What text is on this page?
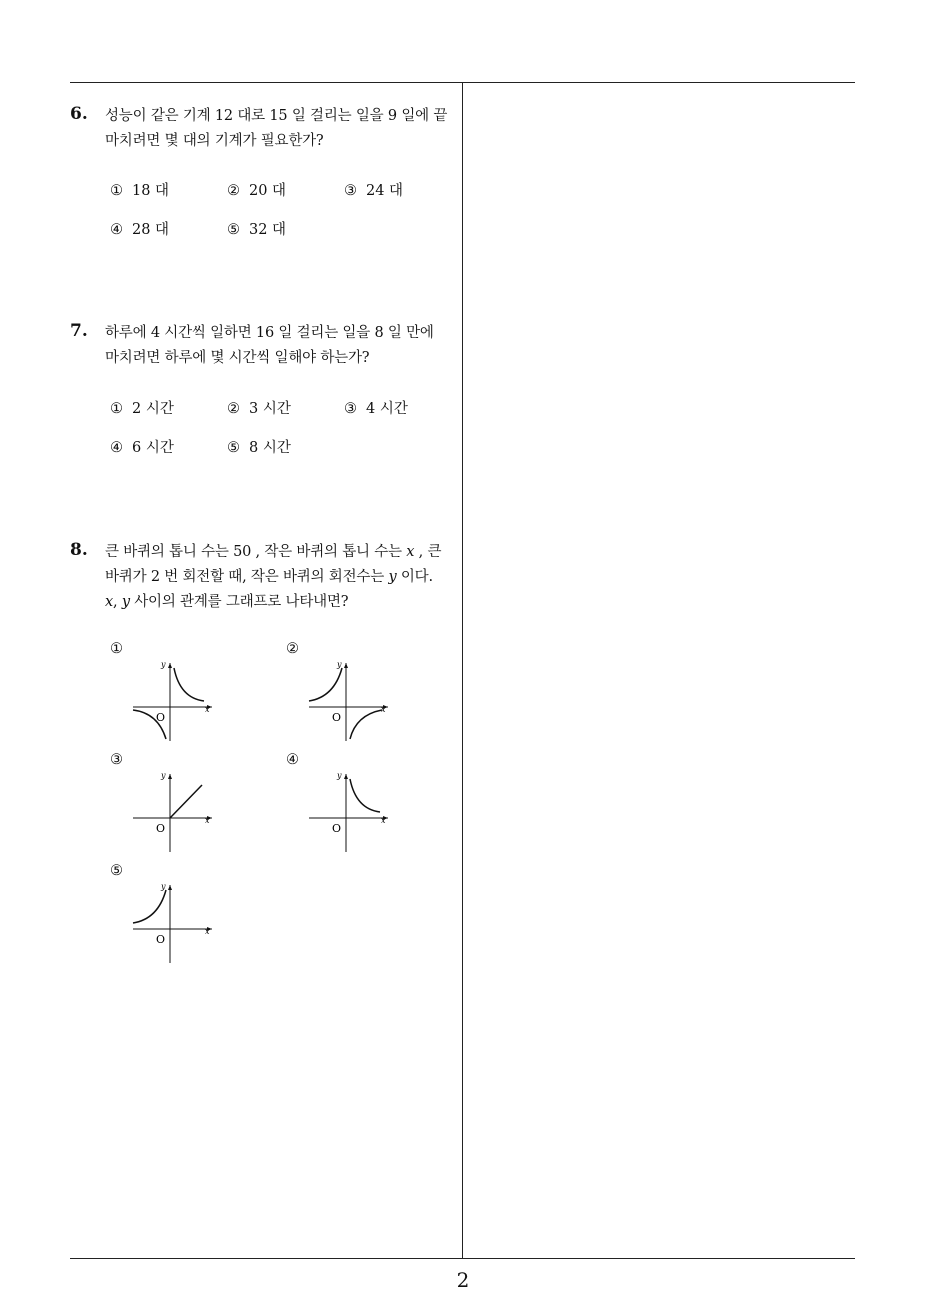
2
6. 성능이 같은 기계 12 대로 15 일 걸리는 일을 9 일에 끝
마치려면 몇 대의 기계가 필요한가?
① 18 대	② 20 대	③ 24 대
④ 28 대	⑤ 32 대
7. 하루에 4 시간씩 일하면 16 일 걸리는 일을 8 일 만에
마치려면 하루에 몇 시간씩 일해야 하는가?
① 2 시간	② 3 시간	③ 4 시간
④ 6 시간	⑤ 8 시간
8. 큰 바퀴의 톱니 수는 50 , 작은 바퀴의 톱니 수는 x , 큰
바퀴가 2 번 회전할 때, 작은 바퀴의 회전수는 y 이다.
x, y 사이의 관계를 그래프로 나타내면?
①
O
x
y
②
O
x
y
③
O
x
y
④
O
x
y
⑤
O
x
y
